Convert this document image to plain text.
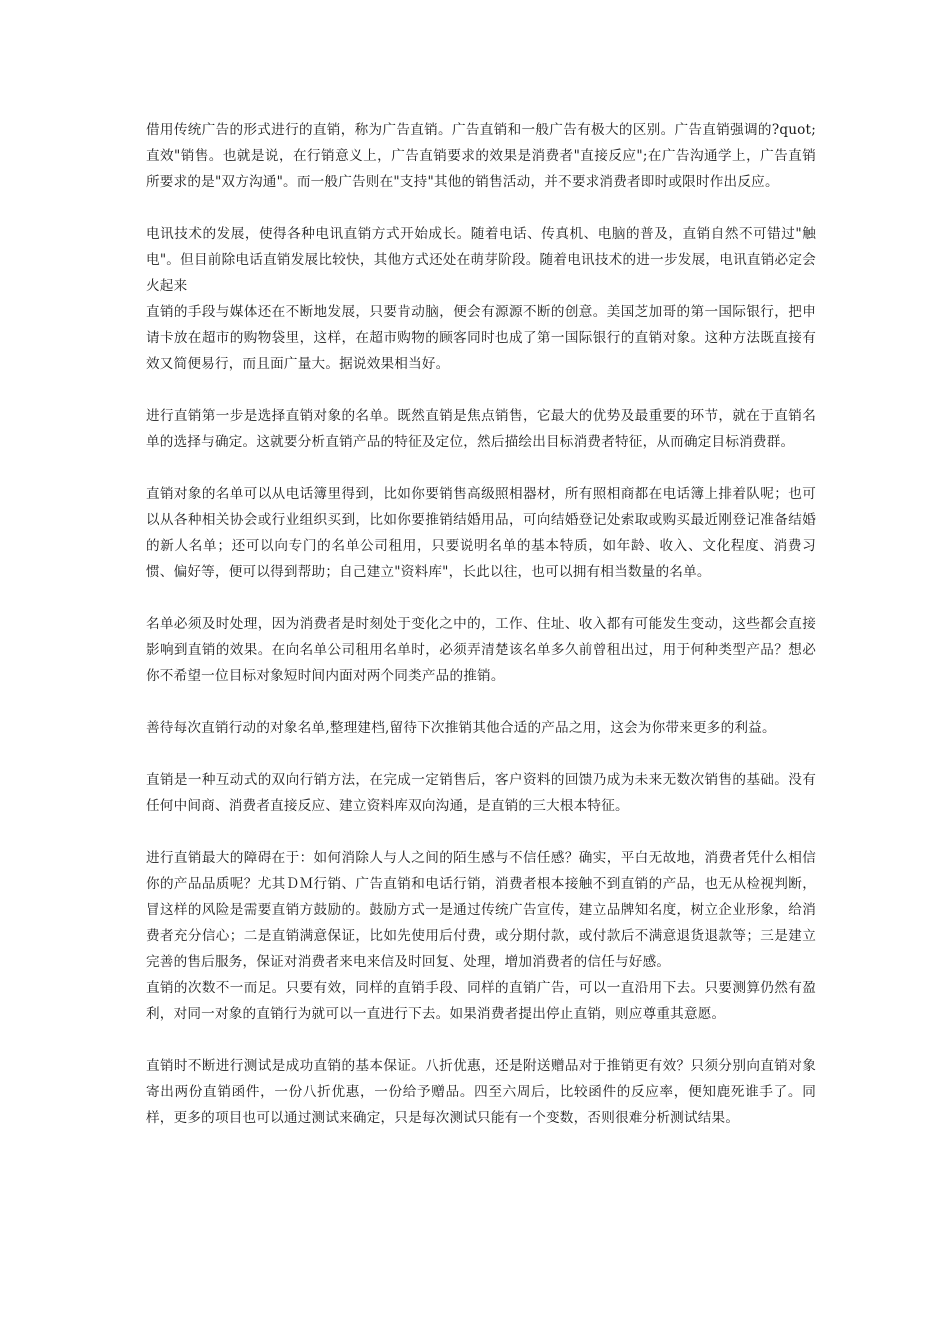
借用传统广告的形式进行的直销，称为广告直销。广告直销和一般广告有极大的区别。广告直销强调的?quot;直效"销售。也就是说，在行销意义上，广告直销要求的效果是消费者"直接反应";在广告沟通学上，广告直销所要求的是"双方沟通"。而一般广告则在"支持"其他的销售活动，并不要求消费者即时或限时作出反应。

电讯技术的发展，使得各种电讯直销方式开始成长。随着电话、传真机、电脑的普及，直销自然不可错过"触电"。但目前除电话直销发展比较快，其他方式还处在萌芽阶段。随着电讯技术的进一步发展，电讯直销必定会火起来

直销的手段与媒体还在不断地发展，只要肯动脑，便会有源源不断的创意。美国芝加哥的第一国际银行，把申请卡放在超市的购物袋里，这样，在超市购物的顾客同时也成了第一国际银行的直销对象。这种方法既直接有效又简便易行，而且面广量大。据说效果相当好。

进行直销第一步是选择直销对象的名单。既然直销是焦点销售，它最大的优势及最重要的环节，就在于直销名单的选择与确定。这就要分析直销产品的特征及定位，然后描绘出目标消费者特征，从而确定目标消费群。

直销对象的名单可以从电话簿里得到，比如你要销售高级照相器材，所有照相商都在电话簿上排着队呢；也可以从各种相关协会或行业组织买到，比如你要推销结婚用品，可向结婚登记处索取或购买最近刚登记准备结婚的新人名单；还可以向专门的名单公司租用，只要说明名单的基本特质，如年龄、收入、文化程度、消费习惯、偏好等，便可以得到帮助；自己建立"资料库"，长此以往，也可以拥有相当数量的名单。

名单必须及时处理，因为消费者是时刻处于变化之中的，工作、住址、收入都有可能发生变动，这些都会直接影响到直销的效果。在向名单公司租用名单时，必须弄清楚该名单多久前曾租出过，用于何种类型产品？想必你不希望一位目标对象短时间内面对两个同类产品的推销。

善待每次直销行动的对象名单,整理建档,留待下次推销其他合适的产品之用，这会为你带来更多的利益。

直销是一种互动式的双向行销方法，在完成一定销售后，客户资料的回馈乃成为未来无数次销售的基础。没有任何中间商、消费者直接反应、建立资料库双向沟通，是直销的三大根本特征。

进行直销最大的障碍在于：如何消除人与人之间的陌生感与不信任感？确实，平白无故地，消费者凭什么相信你的产品品质呢？尤其ＤＭ行销、广告直销和电话行销，消费者根本接触不到直销的产品，也无从检视判断，冒这样的风险是需要直销方鼓励的。鼓励方式一是通过传统广告宣传，建立品牌知名度，树立企业形象，给消费者充分信心；二是直销满意保证，比如先使用后付费，或分期付款，或付款后不满意退货退款等；三是建立完善的售后服务，保证对消费者来电来信及时回复、处理，增加消费者的信任与好感。

直销的次数不一而足。只要有效，同样的直销手段、同样的直销广告，可以一直沿用下去。只要测算仍然有盈利，对同一对象的直销行为就可以一直进行下去。如果消费者提出停止直销，则应尊重其意愿。

直销时不断进行测试是成功直销的基本保证。八折优惠，还是附送赠品对于推销更有效？只须分别向直销对象寄出两份直销函件，一份八折优惠，一份给予赠品。四至六周后，比较函件的反应率，便知鹿死谁手了。同样，更多的项目也可以通过测试来确定，只是每次测试只能有一个变数，否则很难分析测试结果。
